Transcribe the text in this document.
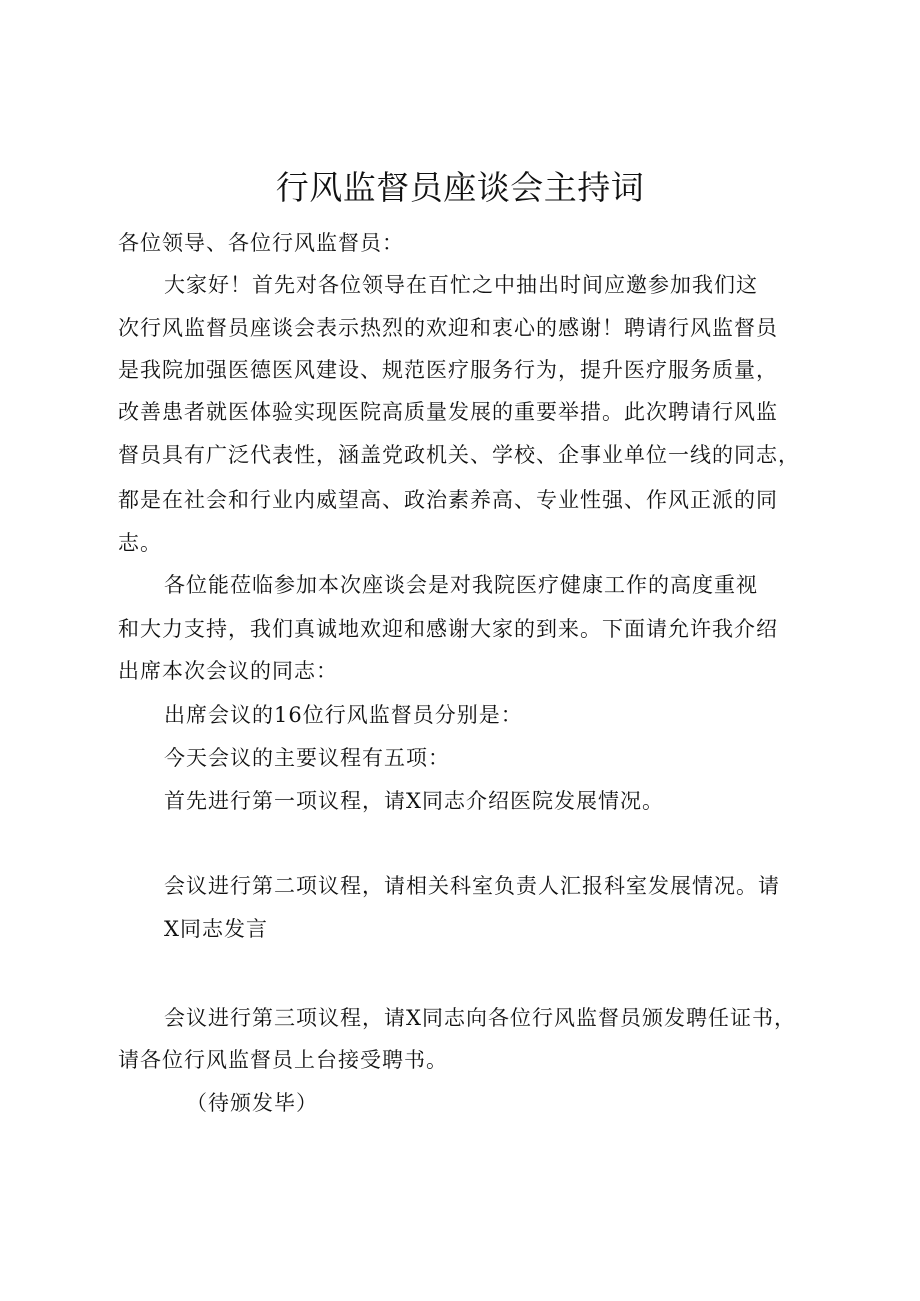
行风监督员座谈会主持词
各位领导、各位行风监督员：
大家好！首先对各位领导在百忙之中抽出时间应邀参加我们这
次行风监督员座谈会表示热烈的欢迎和衷心的感谢！聘请行风监督员
是我院加强医德医风建设、规范医疗服务行为，提升医疗服务质量，
改善患者就医体验实现医院高质量发展的重要举措。此次聘请行风监
督员具有广泛代表性，涵盖党政机关、学校、企事业单位一线的同志，
都是在社会和行业内威望高、政治素养高、专业性强、作风正派的同
志。
各位能莅临参加本次座谈会是对我院医疗健康工作的高度重视
和大力支持，我们真诚地欢迎和感谢大家的到来。下面请允许我介绍
出席本次会议的同志：
出席会议的16位行风监督员分别是：
今天会议的主要议程有五项：
首先进行第一项议程，请X同志介绍医院发展情况。
会议进行第二项议程，请相关科室负责人汇报科室发展情况。请
X同志发言
会议进行第三项议程，请X同志向各位行风监督员颁发聘任证书，
请各位行风监督员上台接受聘书。
（待颁发毕）
